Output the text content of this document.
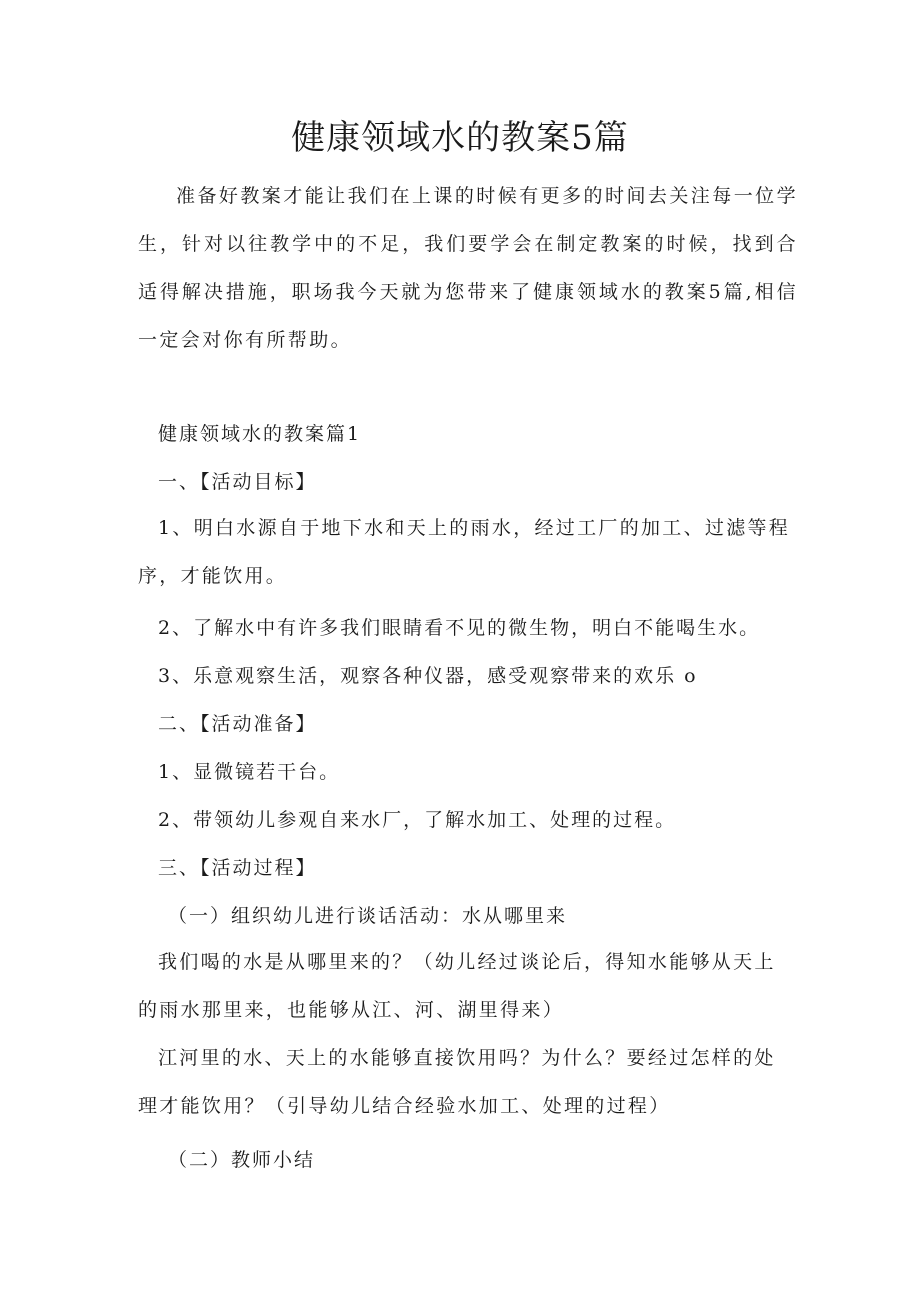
健康领域水的教案5篇

准备好教案才能让我们在上课的时候有更多的时间去关注每一位学生，针对以往教学中的不足，我们要学会在制定教案的时候，找到合适得解决措施，职场我今天就为您带来了健康领域水的教案5篇,相信一定会对你有所帮助。

健康领域水的教案篇1

一、【活动目标】

1、明白水源自于地下水和天上的雨水，经过工厂的加工、过滤等程序，才能饮用。

2、了解水中有许多我们眼睛看不见的微生物，明白不能喝生水。

3、乐意观察生活，观察各种仪器，感受观察带来的欢乐 o

二、【活动准备】

1、显微镜若干台。

2、带领幼儿参观自来水厂，了解水加工、处理的过程。

三、【活动过程】

（一）组织幼儿进行谈话活动：水从哪里来

我们喝的水是从哪里来的？（幼儿经过谈论后，得知水能够从天上的雨水那里来，也能够从江、河、湖里得来）

江河里的水、天上的水能够直接饮用吗？为什么？要经过怎样的处理才能饮用？（引导幼儿结合经验水加工、处理的过程）

（二）教师小结
